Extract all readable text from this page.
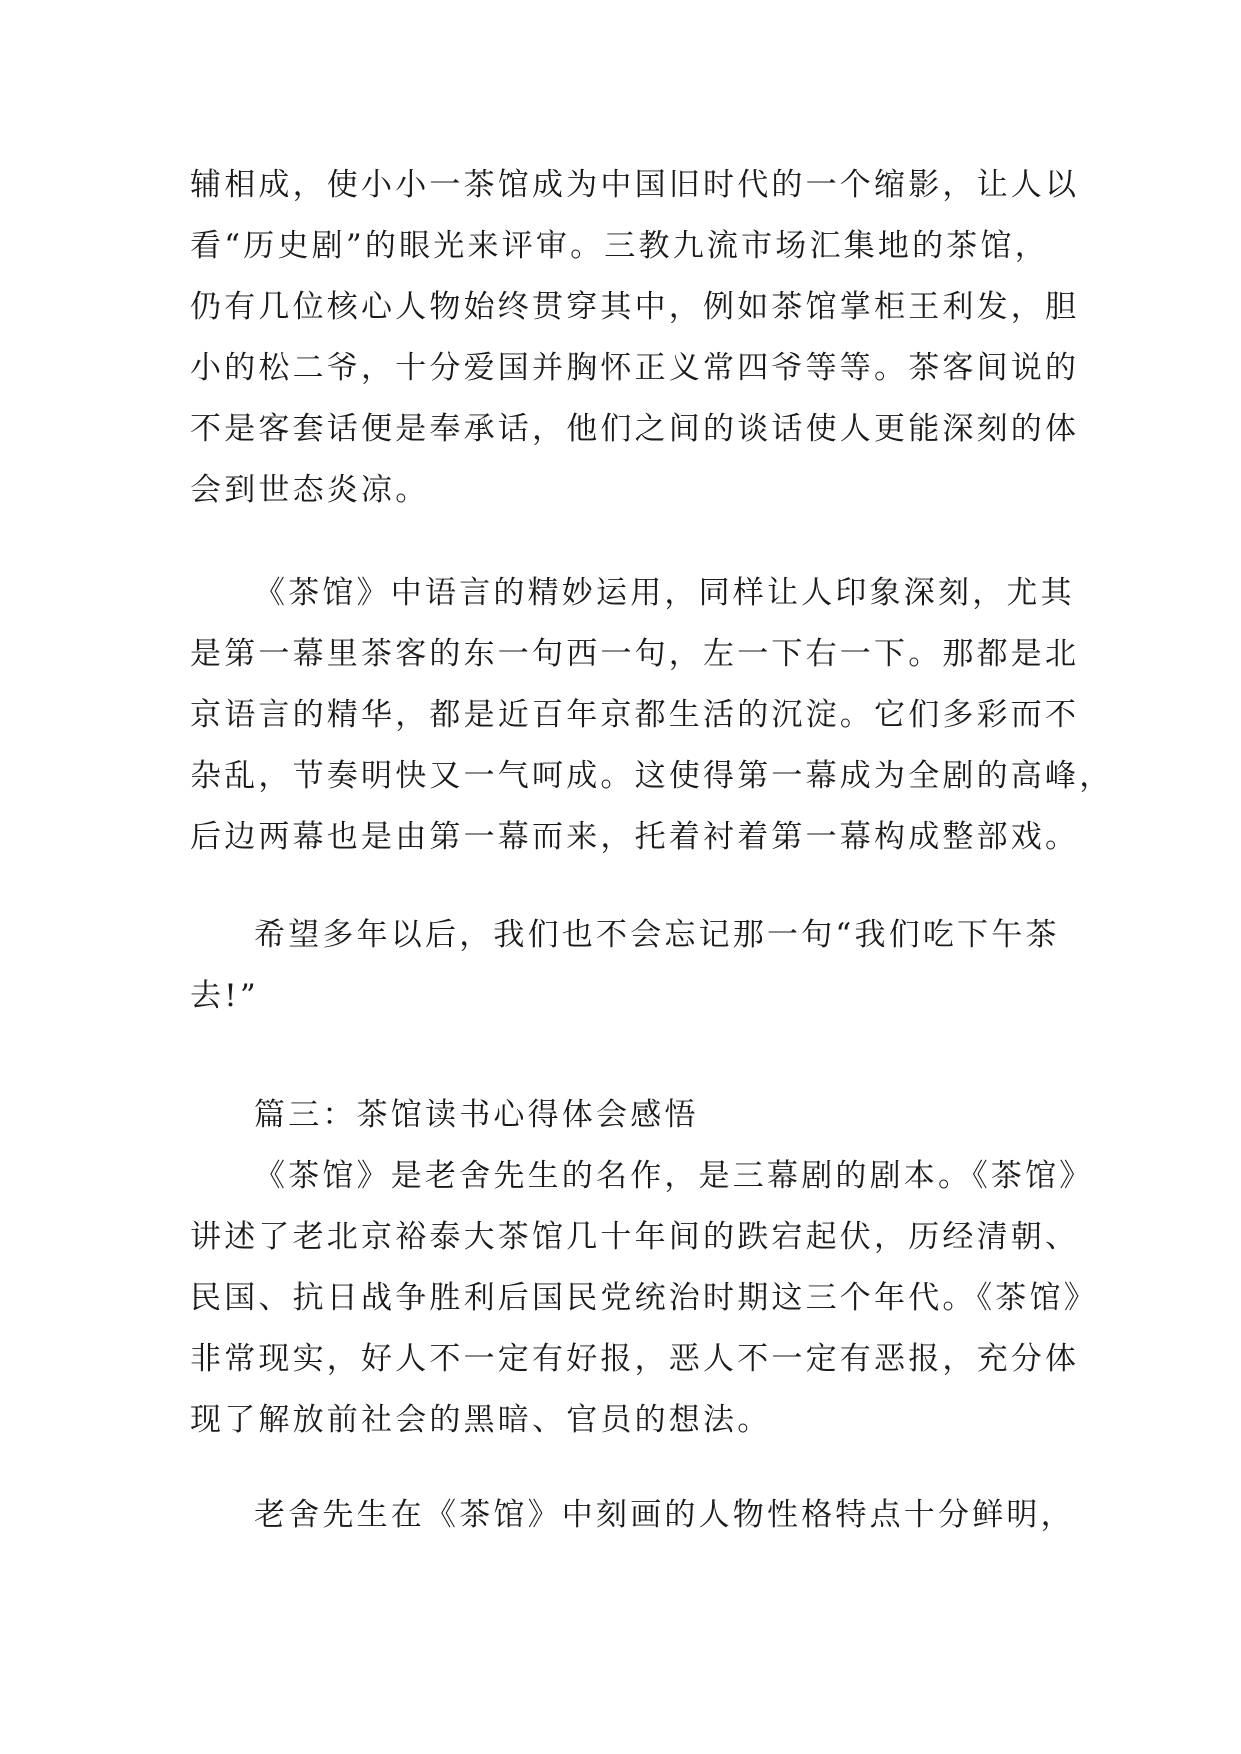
辅相成，使小小一茶馆成为中国旧时代的一个缩影，让人以

看“历史剧”的眼光来评审。三教九流市场汇集地的茶馆，

仍有几位核心人物始终贯穿其中，例如茶馆掌柜王利发，胆

小的松二爷，十分爱国并胸怀正义常四爷等等。茶客间说的

不是客套话便是奉承话，他们之间的谈话使人更能深刻的体

会到世态炎凉。

《茶馆》中语言的精妙运用，同样让人印象深刻，尤其

是第一幕里茶客的东一句西一句，左一下右一下。那都是北

京语言的精华，都是近百年京都生活的沉淀。它们多彩而不

杂乱，节奏明快又一气呵成。这使得第一幕成为全剧的高峰，

后边两幕也是由第一幕而来，托着衬着第一幕构成整部戏。

希望多年以后，我们也不会忘记那一句“我们吃下午茶

去!”

篇三：茶馆读书心得体会感悟

《茶馆》是老舍先生的名作，是三幕剧的剧本。《茶馆》

讲述了老北京裕泰大茶馆几十年间的跌宕起伏，历经清朝、

民国、抗日战争胜利后国民党统治时期这三个年代。《茶馆》

非常现实，好人不一定有好报，恶人不一定有恶报，充分体

现了解放前社会的黑暗、官员的想法。

老舍先生在《茶馆》中刻画的人物性格特点十分鲜明，
